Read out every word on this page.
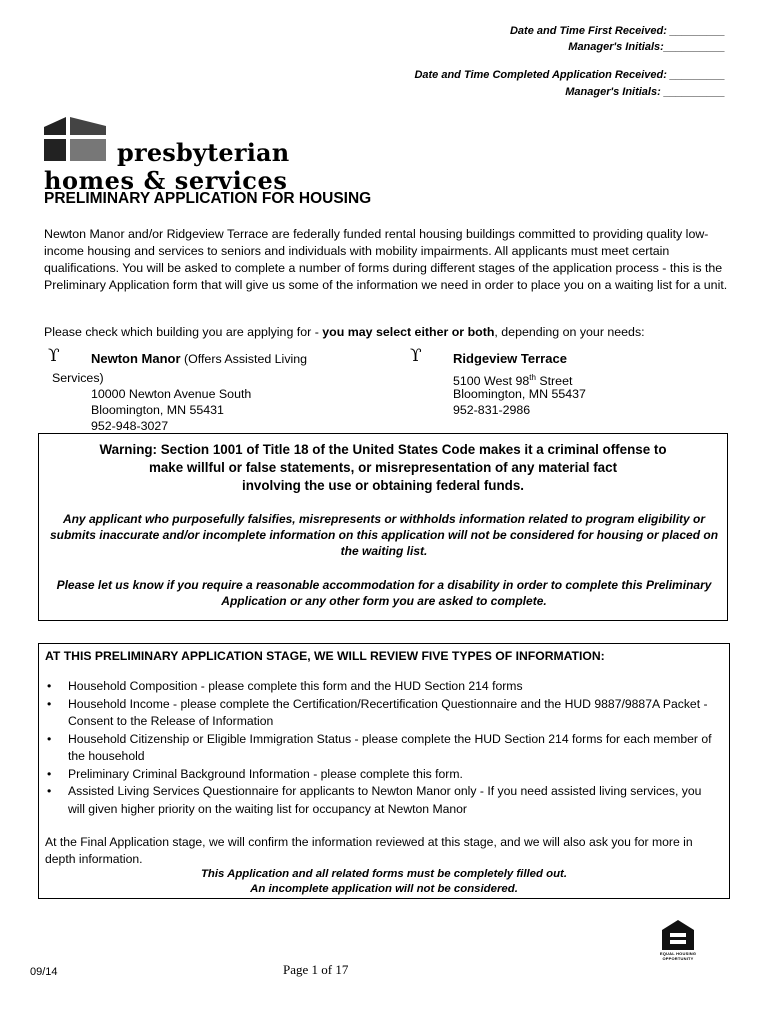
Date and Time First Received: _________
Manager's Initials:__________
Date and Time Completed Application Received: _________
Manager's Initials: __________
presbyterian
homes & services
PRELIMINARY APPLICATION FOR HOUSING
Newton Manor and/or Ridgeview Terrace are federally funded rental housing buildings committed to providing quality low-income housing and services to seniors and individuals with mobility impairments. All applicants must meet certain qualifications. You will be asked to complete a number of forms during different stages of the application process - this is the Preliminary Application form that will give us some of the information we need in order to place you on a waiting list for a unit.
Please check which building you are applying for - you may select either or both, depending on your needs:
ϒ Newton Manor (Offers Assisted Living
Services)
10000 Newton Avenue South
Bloomington, MN 55431
952-948-3027
ϒ Ridgeview Terrace
5100 West 98th Street
Bloomington, MN 55437
952-831-2986
Warning: Section 1001 of Title 18 of the United States Code makes it a criminal offense to
make willful or false statements, or misrepresentation of any material fact
involving the use or obtaining federal funds.
Any applicant who purposefully falsifies, misrepresents or withholds information related to program eligibility or submits inaccurate and/or incomplete information on this application will not be considered for housing or placed on the waiting list.
Please let us know if you require a reasonable accommodation for a disability in order to complete this Preliminary Application or any other form you are asked to complete.
AT THIS PRELIMINARY APPLICATION STAGE, WE WILL REVIEW FIVE TYPES OF INFORMATION:
• Household Composition - please complete this form and the HUD Section 214 forms
• Household Income - please complete the Certification/Recertification Questionnaire and the HUD 9887/9887A Packet - Consent to the Release of Information
• Household Citizenship or Eligible Immigration Status - please complete the HUD Section 214 forms for each member of the household
• Preliminary Criminal Background Information - please complete this form.
• Assisted Living Services Questionnaire for applicants to Newton Manor only - If you need assisted living services, you will given higher priority on the waiting list for occupancy at Newton Manor
At the Final Application stage, we will confirm the information reviewed at this stage, and we will also ask you for more in depth information.
This Application and all related forms must be completely filled out.
An incomplete application will not be considered.
EQUAL HOUSING OPPORTUNITY
09/14	Page 1 of 17
